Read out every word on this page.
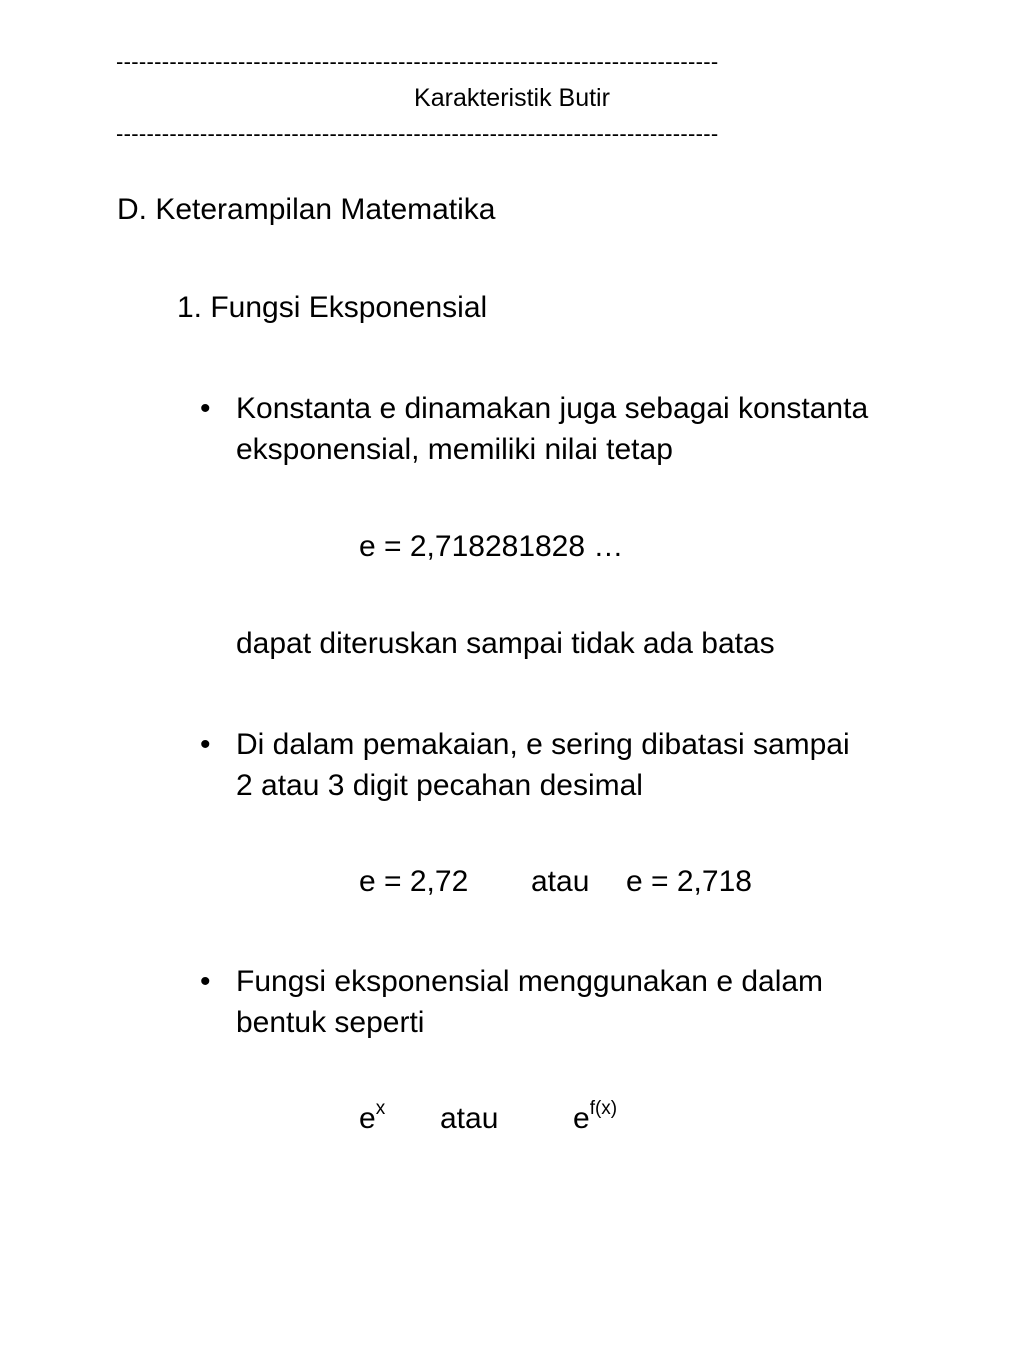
-------------------------------------------------------------------------------
Karakteristik Butir
-------------------------------------------------------------------------------
D. Keterampilan Matematika
1. Fungsi Eksponensial
• Konstanta e dinamakan juga sebagai konstanta
eksponensial, memiliki nilai tetap
e = 2,718281828 …
dapat diteruskan sampai tidak ada batas
• Di dalam pemakaian, e sering dibatasi sampai
2 atau 3 digit pecahan desimal
e = 2,72 atau e = 2,718
• Fungsi eksponensial menggunakan e dalam
bentuk seperti
$e^x$ atau $e^{f(x)}$
